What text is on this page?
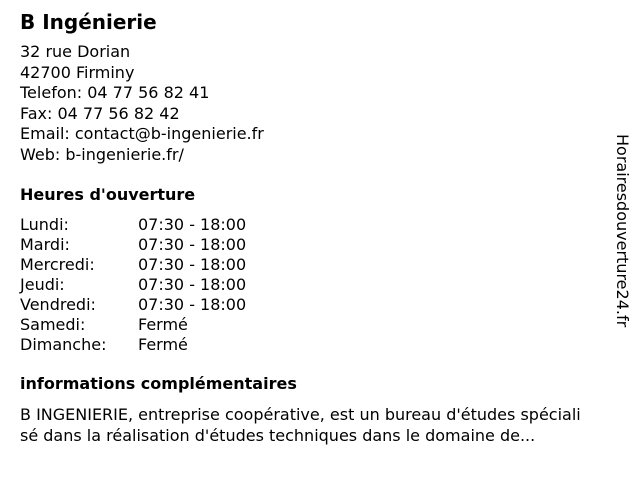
B Ingénierie
32 rue Dorian
42700 Firminy
Telefon: 04 77 56 82 41
Fax: 04 77 56 82 42
Email: contact@b-ingenierie.fr
Web: b-ingenierie.fr/
Heures d'ouverture
Lundi:	07:30 - 18:00
Mardi:	07:30 - 18:00
Mercredi:	07:30 - 18:00
Jeudi:	07:30 - 18:00
Vendredi:	07:30 - 18:00
Samedi:	Fermé
Dimanche:	Fermé
informations complémentaires
B INGENIERIE, entreprise coopérative, est un bureau d'études spécialisé dans la réalisation d'études techniques dans le domaine de...
Horairesdouverture24.fr
